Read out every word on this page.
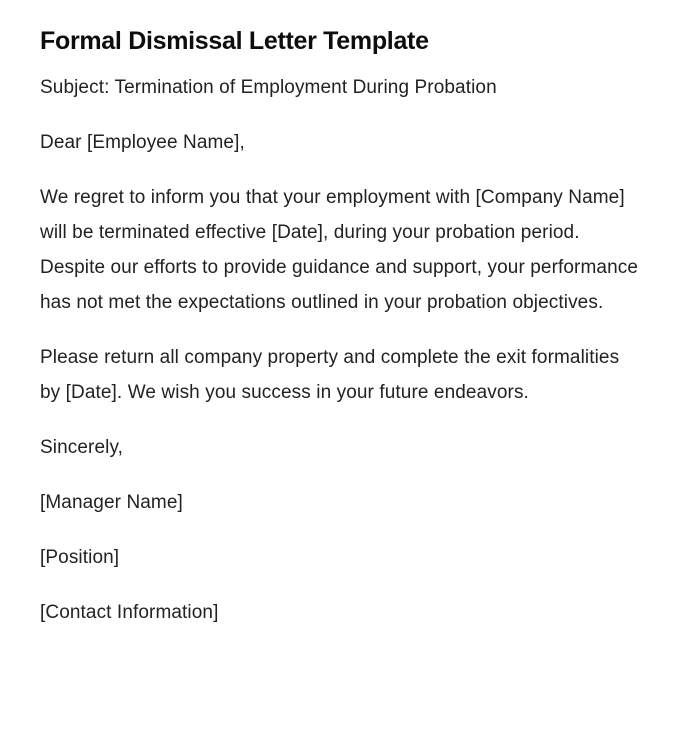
Formal Dismissal Letter Template

Subject: Termination of Employment During Probation

Dear [Employee Name],

We regret to inform you that your employment with [Company Name] will be terminated effective [Date], during your probation period. Despite our efforts to provide guidance and support, your performance has not met the expectations outlined in your probation objectives.

Please return all company property and complete the exit formalities by [Date]. We wish you success in your future endeavors.

Sincerely,

[Manager Name]

[Position]

[Contact Information]
